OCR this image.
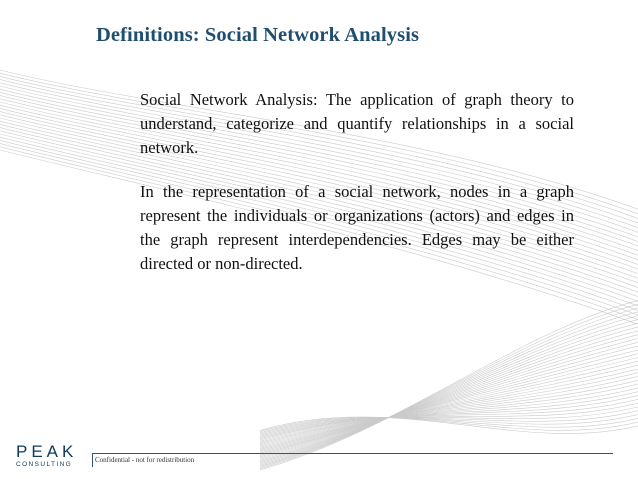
Definitions: Social Network Analysis

Social Network Analysis: The application of graph theory to understand, categorize and quantify relationships in a social network.

In the representation of a social network, nodes in a graph represent the individuals or organizations (actors) and edges in the graph represent interdependencies. Edges may be either directed or non-directed.

PEAK
CONSULTING
Confidential - not for redistribution
